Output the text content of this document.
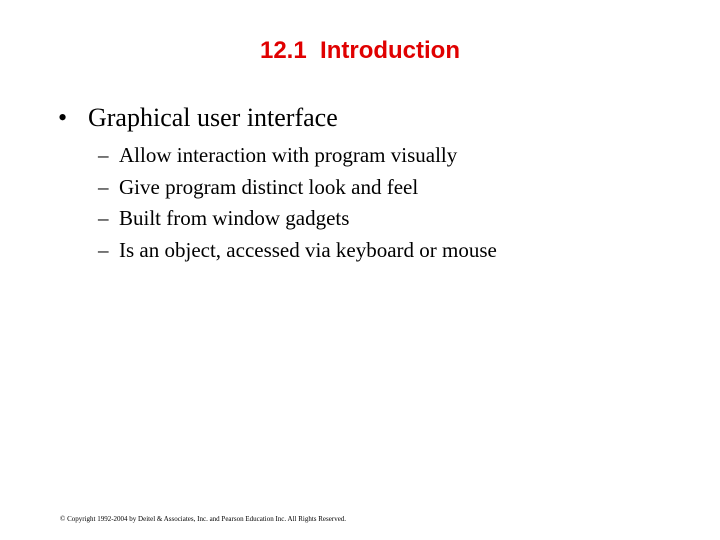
12.1  Introduction
• Graphical user interface
– Allow interaction with program visually
– Give program distinct look and feel
– Built from window gadgets
– Is an object, accessed via keyboard or mouse
© Copyright 1992-2004 by Deitel & Associates, Inc. and Pearson Education Inc. All Rights Reserved.
